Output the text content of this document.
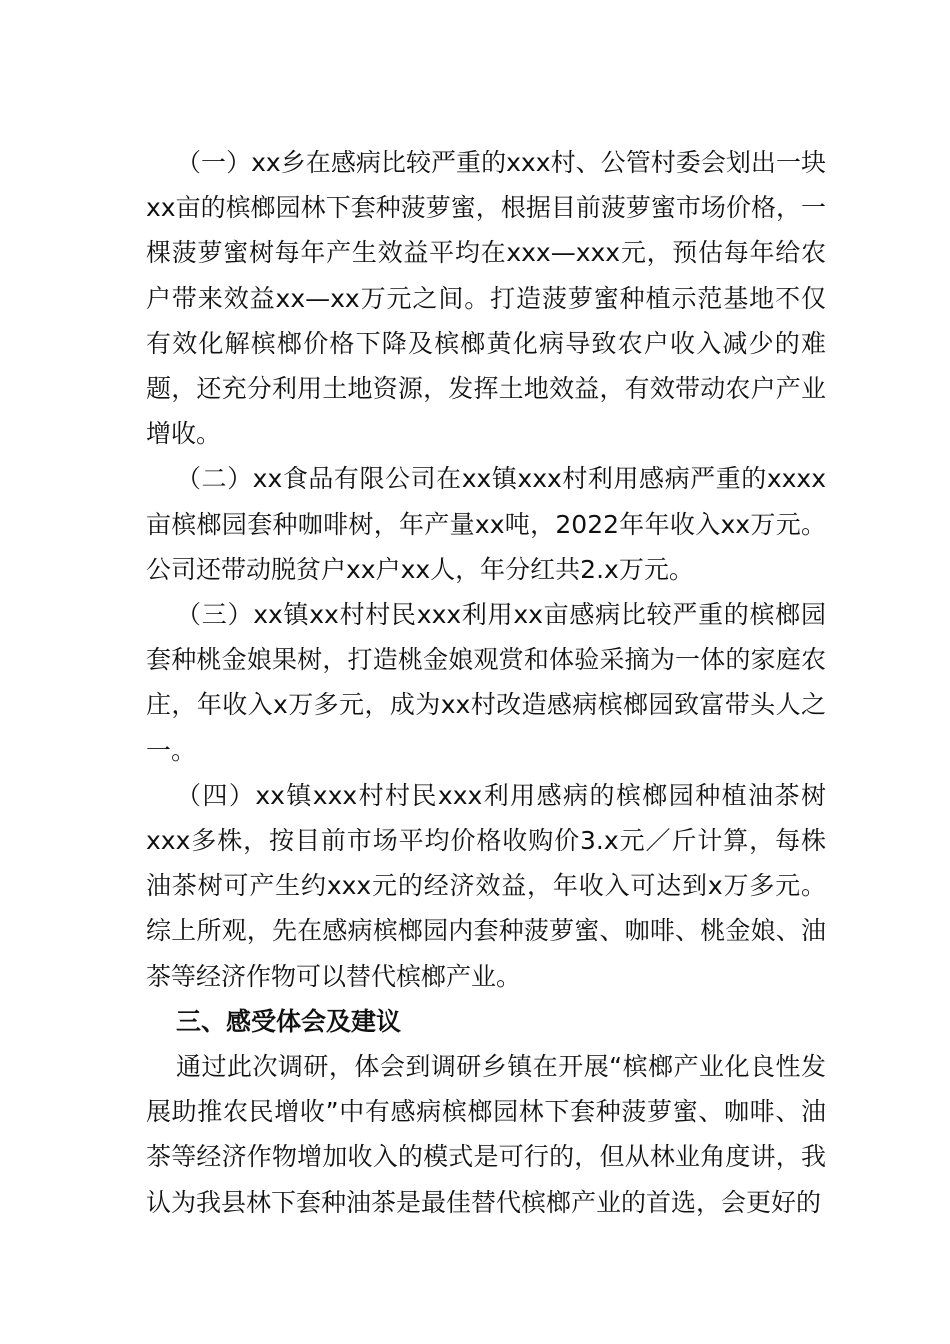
（一）xx乡在感病比较严重的xxx村、公管村委会划出一块xx亩的槟榔园林下套种菠萝蜜，根据目前菠萝蜜市场价格，一棵菠萝蜜树每年产生效益平均在xxx—xxx元，预估每年给农户带来效益xx—xx万元之间。打造菠萝蜜种植示范基地不仅有效化解槟榔价格下降及槟榔黄化病导致农户收入减少的难题，还充分利用土地资源，发挥土地效益，有效带动农户产业增收。

（二）xx食品有限公司在xx镇xxx村利用感病严重的xxxx亩槟榔园套种咖啡树，年产量xx吨，2022年年收入xx万元。公司还带动脱贫户xx户xx人，年分红共2.x万元。

（三）xx镇xx村村民xxx利用xx亩感病比较严重的槟榔园套种桃金娘果树，打造桃金娘观赏和体验采摘为一体的家庭农庄，年收入x万多元，成为xx村改造感病槟榔园致富带头人之一。

（四）xx镇xxx村村民xxx利用感病的槟榔园种植油茶树xxx多株，按目前市场平均价格收购价3.x元／斤计算，每株油茶树可产生约xxx元的经济效益，年收入可达到x万多元。综上所观，先在感病槟榔园内套种菠萝蜜、咖啡、桃金娘、油茶等经济作物可以替代槟榔产业。

三、感受体会及建议

通过此次调研，体会到调研乡镇在开展“槟榔产业化良性发展助推农民增收”中有感病槟榔园林下套种菠萝蜜、咖啡、油茶等经济作物增加收入的模式是可行的，但从林业角度讲，我认为我县林下套种油茶是最佳替代槟榔产业的首选，会更好的
